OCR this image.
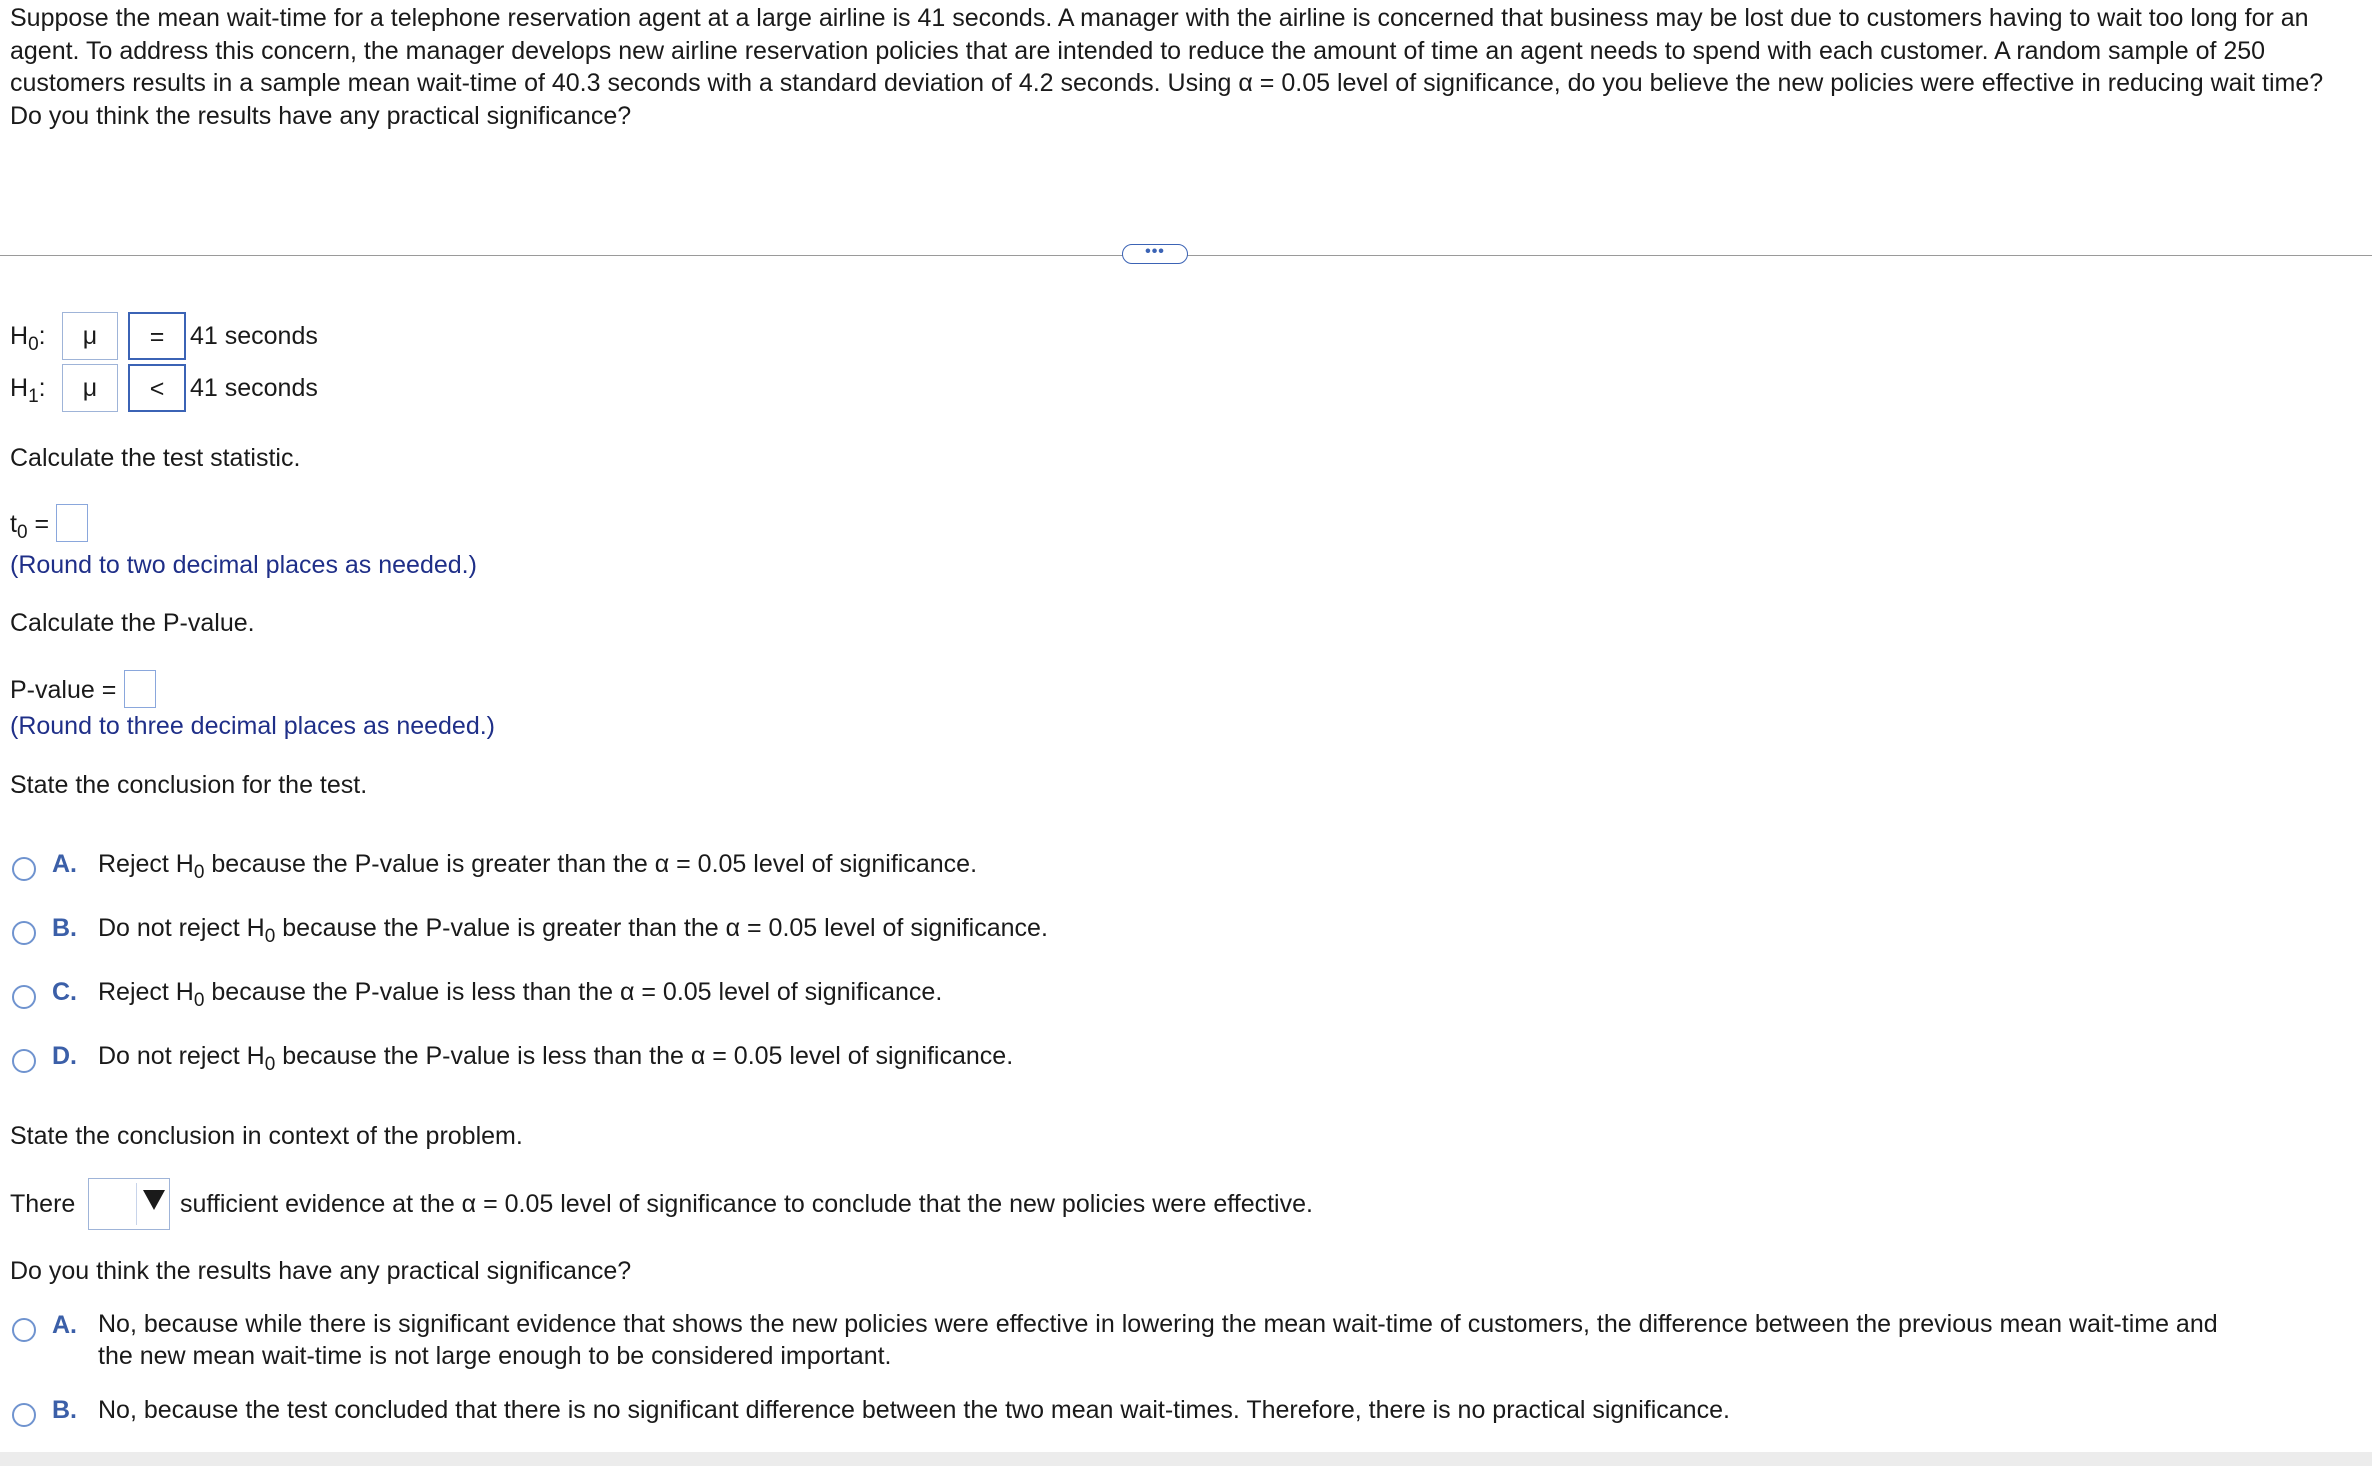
Suppose the mean wait-time for a telephone reservation agent at a large airline is 41 seconds. A manager with the airline is concerned that business may be lost due to customers having to wait too long for an agent. To address this concern, the manager develops new airline reservation policies that are intended to reduce the amount of time an agent needs to spend with each customer. A random sample of 250 customers results in a sample mean wait-time of 40.3 seconds with a standard deviation of 4.2 seconds. Using α = 0.05 level of significance, do you believe the new policies were effective in reducing wait time? Do you think the results have any practical significance?
•••
$H_0$:	μ	=	41 seconds
$H_1$:	μ	<	41 seconds
Calculate the test statistic.
$t_0$ =
(Round to two decimal places as needed.)
Calculate the P-value.
P-value =
(Round to three decimal places as needed.)
State the conclusion for the test.
A. Reject $H_0$ because the P-value is greater than the α = 0.05 level of significance.
B. Do not reject $H_0$ because the P-value is greater than the α = 0.05 level of significance.
C. Reject $H_0$ because the P-value is less than the α = 0.05 level of significance.
D. Do not reject $H_0$ because the P-value is less than the α = 0.05 level of significance.
State the conclusion in context of the problem.
There	sufficient evidence at the α = 0.05 level of significance to conclude that the new policies were effective.
Do you think the results have any practical significance?
A. No, because while there is significant evidence that shows the new policies were effective in lowering the mean wait-time of customers, the difference between the previous mean wait-time and
the new mean wait-time is not large enough to be considered important.
B. No, because the test concluded that there is no significant difference between the two mean wait-times. Therefore, there is no practical significance.
